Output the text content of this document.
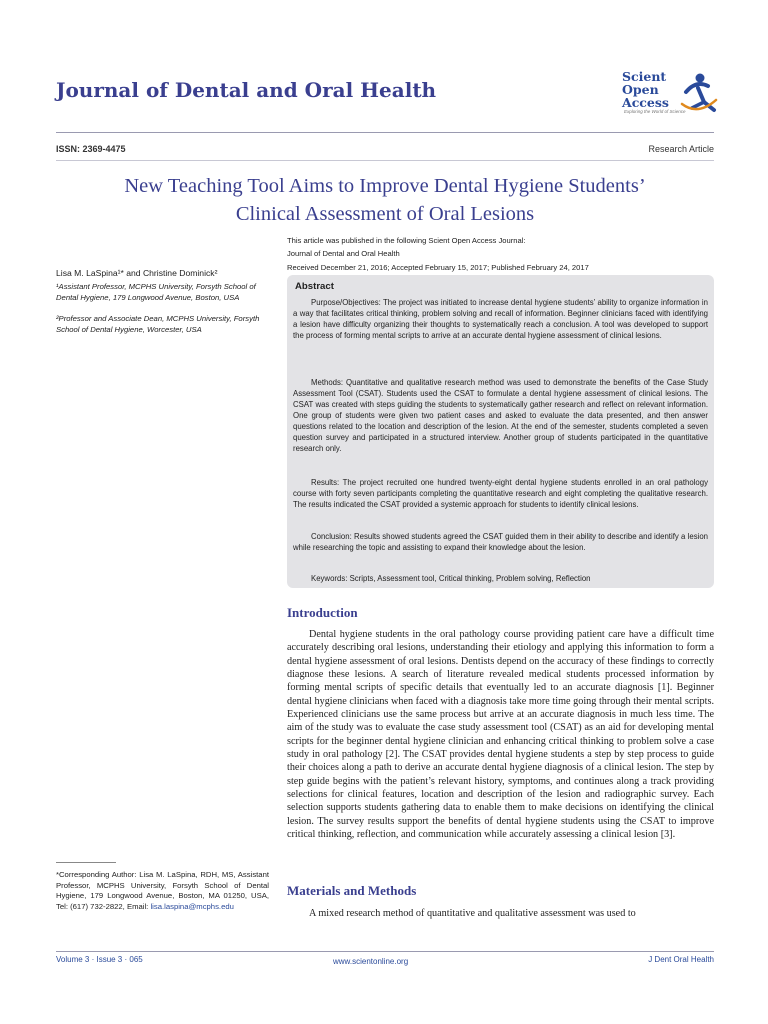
Journal of Dental and Oral Health
Scient
Open
Access
Exploring the World of Science
ISSN: 2369-4475	Research Article
New Teaching Tool Aims to Improve Dental Hygiene Students’
Clinical Assessment of Oral Lesions
This article was published in the following Scient Open Access Journal:
Journal of Dental and Oral Health
Received December 21, 2016; Accepted February 15, 2017; Published February 24, 2017
Lisa M. LaSpina¹* and Christine Dominick²
¹Assistant Professor, MCPHS University, Forsyth School of Dental Hygiene, 179 Longwood Avenue, Boston, USA
²Professor and Associate Dean, MCPHS University, Forsyth School of Dental Hygiene, Worcester, USA
Abstract
Purpose/Objectives: The project was initiated to increase dental hygiene students’ ability to organize information in a way that facilitates critical thinking, problem solving and recall of information. Beginner clinicians faced with identifying a lesion have difficulty organizing their thoughts to systematically reach a conclusion. A tool was developed to support the process of forming mental scripts to arrive at an accurate dental hygiene assessment of clinical lesions.
Methods: Quantitative and qualitative research method was used to demonstrate the benefits of the Case Study Assessment Tool (CSAT). Students used the CSAT to formulate a dental hygiene assessment of clinical lesions. The CSAT was created with steps guiding the students to systematically gather research and reflect on relevant information. One group of students were given two patient cases and asked to evaluate the data presented, and then answer questions related to the location and description of the lesion. At the end of the semester, students completed a seven question survey and participated in a structured interview. Another group of students participated in the quantitative research only.
Results: The project recruited one hundred twenty-eight dental hygiene students enrolled in an oral pathology course with forty seven participants completing the quantitative research and eight completing the qualitative research. The results indicated the CSAT provided a systemic approach for students to identify clinical lesions.
Conclusion: Results showed students agreed the CSAT guided them in their ability to describe and identify a lesion while researching the topic and assisting to expand their knowledge about the lesion.
Keywords: Scripts, Assessment tool, Critical thinking, Problem solving, Reflection
Introduction
Dental hygiene students in the oral pathology course providing patient care have a difficult time accurately describing oral lesions, understanding their etiology and applying this information to form a dental hygiene assessment of oral lesions. Dentists depend on the accuracy of these findings to correctly diagnose these lesions. A search of literature revealed medical students processed information by forming mental scripts of specific details that eventually led to an accurate diagnosis [1]. Beginner dental hygiene clinicians when faced with a diagnosis take more time going through their mental scripts. Experienced clinicians use the same process but arrive at an accurate diagnosis in much less time. The aim of the study was to evaluate the case study assessment tool (CSAT) as an aid for developing mental scripts for the beginner dental hygiene clinician and enhancing critical thinking to problem solve a case study in oral pathology [2]. The CSAT provides dental hygiene students a step by step process to guide their choices along a path to derive an accurate dental hygiene diagnosis of a clinical lesion. The step by step guide begins with the patient’s relevant history, symptoms, and continues along a track providing selections for clinical features, location and description of the lesion and radiographic survey. Each selection supports students gathering data to enable them to make decisions on identifying the clinical lesion. The survey results support the benefits of dental hygiene students using the CSAT to improve critical thinking, reflection, and communication while accurately assessing a clinical lesion [3].
Materials and Methods
A mixed research method of quantitative and qualitative assessment was used to
*Corresponding Author: Lisa M. LaSpina, RDH, MS, Assistant Professor, MCPHS University, Forsyth School of Dental Hygiene, 179 Longwood Avenue, Boston, MA 01250, USA, Tel: (617) 732-2822, Email: lisa.laspina@mcphs.edu
Volume 3 · Issue 3 · 065	www.scientonline.org	J Dent Oral Health
